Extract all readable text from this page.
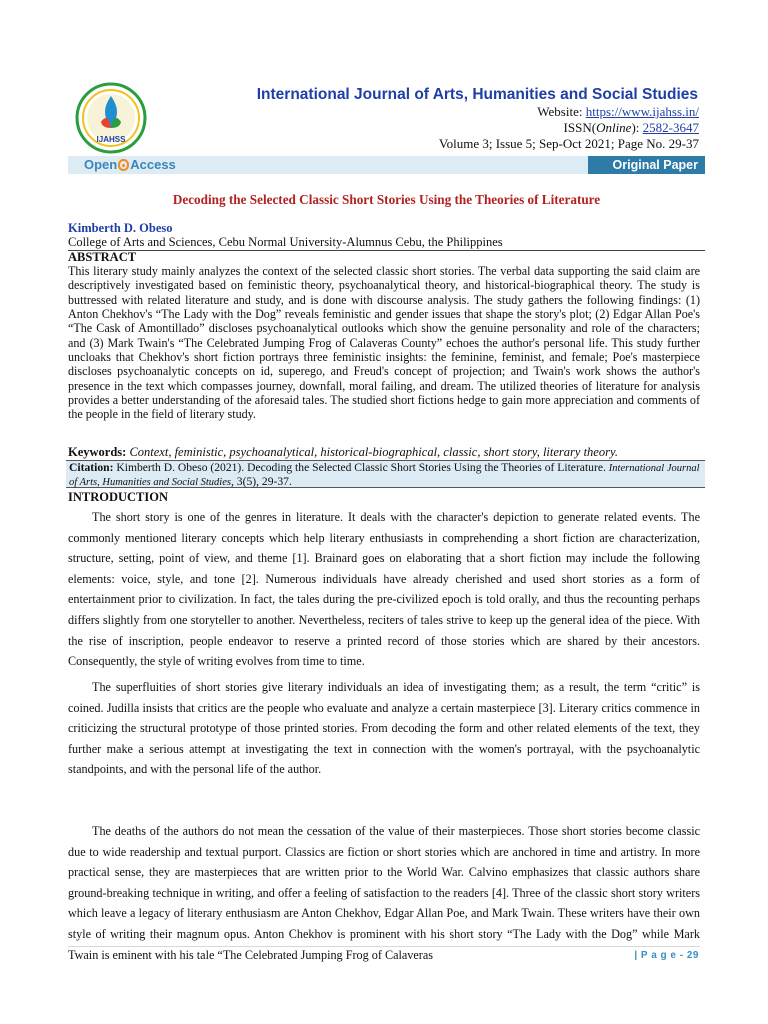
IJAHSS
International Journal of Arts, Humanities and Social Studies
Website: https://www.ijahss.in/
ISSN(Online): 2582-3647
Volume 3; Issue 5; Sep-Oct 2021; Page No. 29-37
Open Access	Original Paper
Decoding the Selected Classic Short Stories Using the Theories of Literature
Kimberth D. Obeso
College of Arts and Sciences, Cebu Normal University-Alumnus Cebu, the Philippines
ABSTRACT
This literary study mainly analyzes the context of the selected classic short stories. The verbal data supporting the said claim are descriptively investigated based on feministic theory, psychoanalytical theory, and historical-biographical theory. The study is buttressed with related literature and study, and is done with discourse analysis. The study gathers the following findings: (1) Anton Chekhov's “The Lady with the Dog” reveals feministic and gender issues that shape the story's plot; (2) Edgar Allan Poe's “The Cask of Amontillado” discloses psychoanalytical outlooks which show the genuine personality and role of the characters; and (3) Mark Twain's “The Celebrated Jumping Frog of Calaveras County” echoes the author's personal life. This study further uncloaks that Chekhov's short fiction portrays three feministic insights: the feminine, feminist, and female; Poe's masterpiece discloses psychoanalytic concepts on id, superego, and Freud's concept of projection; and Twain's work shows the author's presence in the text which compasses journey, downfall, moral failing, and dream. The utilized theories of literature for analysis provides a better understanding of the aforesaid tales. The studied short fictions hedge to gain more appreciation and comments of the people in the field of literary study.
Keywords: Context, feministic, psychoanalytical, historical-biographical, classic, short story, literary theory.
Citation: Kimberth D. Obeso (2021). Decoding the Selected Classic Short Stories Using the Theories of Literature. International Journal of Arts, Humanities and Social Studies, 3(5), 29-37.
INTRODUCTION
The short story is one of the genres in literature. It deals with the character's depiction to generate related events. The commonly mentioned literary concepts which help literary enthusiasts in comprehending a short fiction are characterization, structure, setting, point of view, and theme [1]. Brainard goes on elaborating that a short fiction may include the following elements: voice, style, and tone [2]. Numerous individuals have already cherished and used short stories as a form of entertainment prior to civilization. In fact, the tales during the pre-civilized epoch is told orally, and thus the recounting perhaps differs slightly from one storyteller to another. Nevertheless, reciters of tales strive to keep up the general idea of the piece. With the rise of inscription, people endeavor to reserve a printed record of those stories which are shared by their ancestors. Consequently, the style of writing evolves from time to time.
The superfluities of short stories give literary individuals an idea of investigating them; as a result, the term “critic” is coined. Judilla insists that critics are the people who evaluate and analyze a certain masterpiece [3]. Literary critics commence in criticizing the structural prototype of those printed stories. From decoding the form and other related elements of the text, they further make a serious attempt at investigating the text in connection with the women's portrayal, with the psychoanalytic standpoints, and with the personal life of the author.
The deaths of the authors do not mean the cessation of the value of their masterpieces. Those short stories become classic due to wide readership and textual purport. Classics are fiction or short stories which are anchored in time and artistry. In more practical sense, they are masterpieces that are written prior to the World War. Calvino emphasizes that classic authors share ground-breaking technique in writing, and offer a feeling of satisfaction to the readers [4]. Three of the classic short story writers which leave a legacy of literary enthusiasm are Anton Chekhov, Edgar Allan Poe, and Mark Twain. These writers have their own style of writing their magnum opus. Anton Chekhov is prominent with his short story “The Lady with the Dog” while Mark Twain is eminent with his tale “The Celebrated Jumping Frog of Calaveras	| P a g e - 29
